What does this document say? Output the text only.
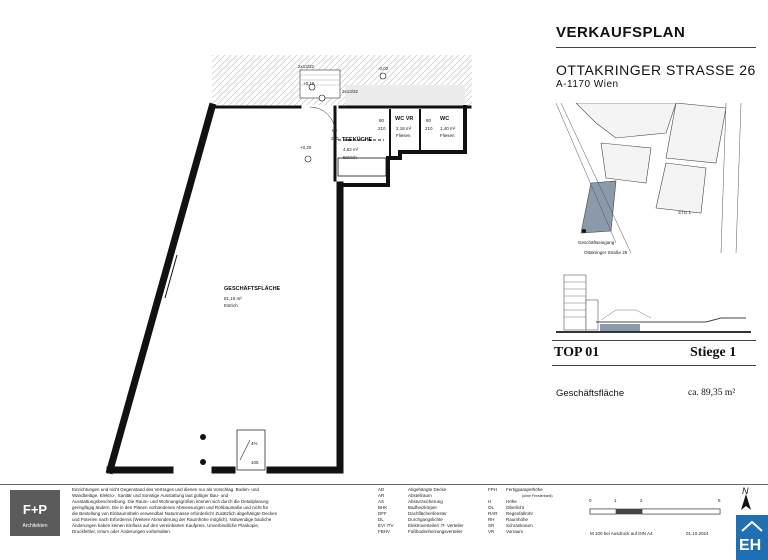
VERKAUFSPLAN
OTTAKRINGER STRASSE 26
A-1170 Wien
2x13/32
2x13/32
+0,18
-0,02
+0,20
80
210
80
210
80
210
TEEKÜCHE
4,62 m²
Estrich
WC VR
2,18 m²
Fliesen
WC
1,40 m²
Fliesen
GESCHÄFTSFLÄCHE
81,15 m²
Estrich
4%
105
Geschäftseingang
Ottakringer Straße 26
STG 1
TOP 01	Stiege 1
Geschäftsfläche	ca. 89,35 m²
F+P
Architekten
Einrichtungen und nicht Gegenstand des Vertrages und dienen nur als Vorschlag. Boden- und
Wandbeläge, Elektro-, Sanitär und Sonstige Ausstattung laut gültiger Bau- und
Ausstattungsbeschreibung. Die Raum- und Wohnungsgrößen können sich durch die Detailplanung
geringfügig ändern. Die in den Plänen vorhandenen Abmessungen und Rohbaumaße und nicht für
die Bestellung von Einbaumöbeln verwendbar Naturmasse erforderlich! Zusätzlich abgehängte Decken
und Poterien nach Erfordernis (Weitere Abminderung der Raumhöhe möglich). Notwendige bauliche
Änderungen haben keinen Einfluss auf den vereinbarten Kaufpreis. Unverbindliche Plankopie,
Druckfehler, Irrtum oder Änderungen vorbehalten.
AD	Abgehängte Decke
AR	Abstellraum
AS	Absturzsicherung
BHK	Badheizkörper
DFF	Dachflächenfenster
DL	Durchgangslichte
EV/ ITV	Elektroverteiler/ IT- Verteiler
FBHV	Fußbodenheizungsverteiler
FPH Fertigparapethöhe
(ohne Fensterbank)
H	Höhe
OL	Oberlicht
RAR Regenfallrohr
RH	Raumhöhe
SR	Schrankraum
VR	Vorraum
0	1	2	5
N
M 100 bei Ausdruck auf DIN A4	01.10.2024
EH
